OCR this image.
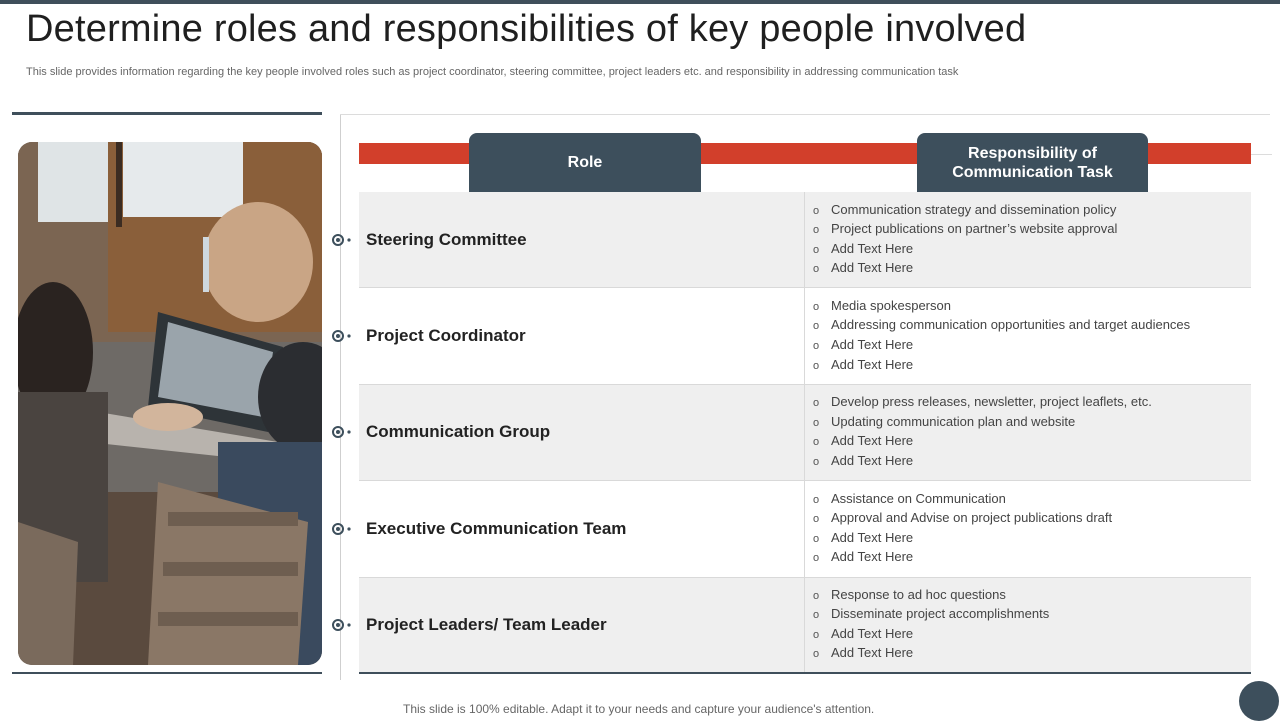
Determine roles and responsibilities of key people involved
This slide provides information regarding the key people involved roles such as project coordinator, steering committee, project leaders etc. and responsibility in addressing communication task
Role
Responsibility of
Communication Task
Steering Committee
o Communication strategy and dissemination policy
o Project publications on partner’s website approval
o Add Text Here
o Add Text Here
Project Coordinator
o Media spokesperson
o Addressing communication opportunities and target audiences
o Add Text Here
o Add Text Here
Communication Group
o Develop press releases, newsletter, project leaflets, etc.
o Updating communication plan and website
o Add Text Here
o Add Text Here
Executive Communication Team
o Assistance on Communication
o Approval and Advise on project publications draft
o Add Text Here
o Add Text Here
Project Leaders/ Team Leader
o Response to ad hoc questions
o Disseminate project accomplishments
o Add Text Here
o Add Text Here
This slide is 100% editable. Adapt it to your needs and capture your audience's attention.
